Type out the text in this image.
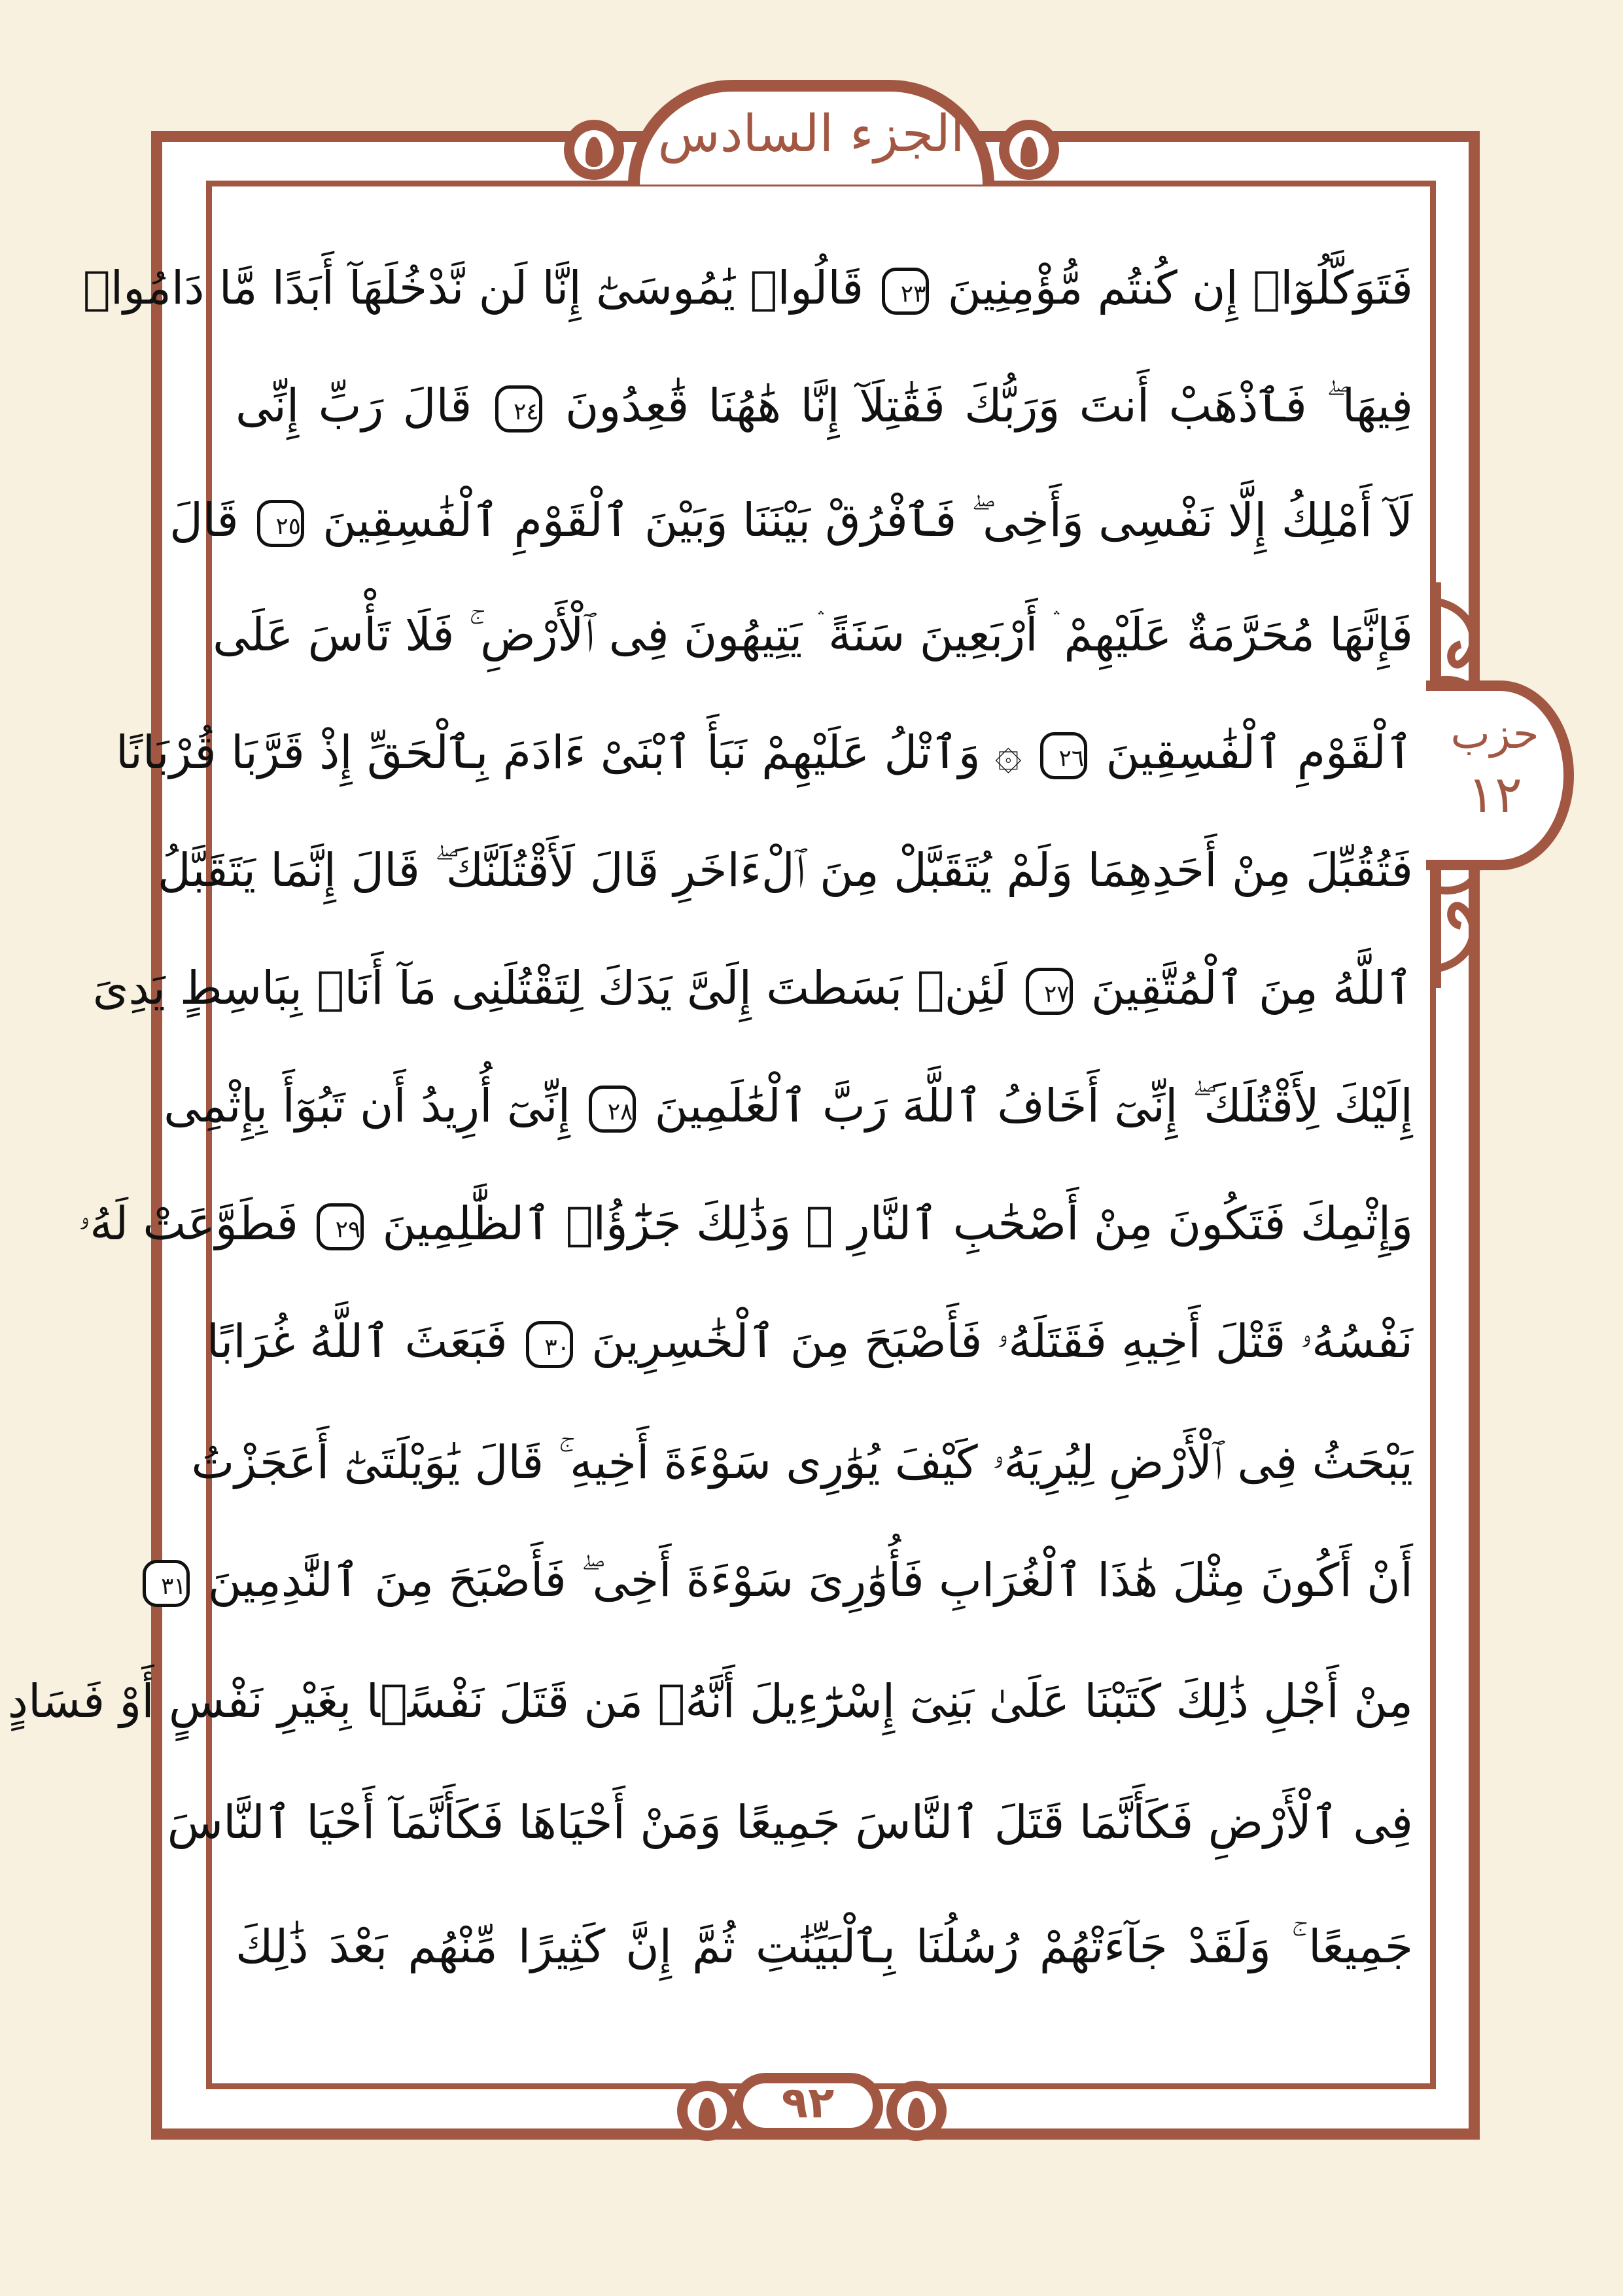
الجزء السادس
حزب
١٢
٩٢
فَتَوَكَّلُوٓا۟ إِن كُنتُم مُّؤْمِنِينَ ٢٣ قَالُوا۟ يَٰمُوسَىٰٓ إِنَّا لَن نَّدْخُلَهَآ أَبَدًا مَّا دَامُوا۟
فِيهَا ۖ فَٱذْهَبْ أَنتَ وَرَبُّكَ فَقَٰتِلَآ إِنَّا هَٰهُنَا قَٰعِدُونَ ٢٤ قَالَ رَبِّ إِنِّى
لَآ أَمْلِكُ إِلَّا نَفْسِى وَأَخِى ۖ فَٱفْرُقْ بَيْنَنَا وَبَيْنَ ٱلْقَوْمِ ٱلْفَٰسِقِينَ ٢٥ قَالَ
فَإِنَّهَا مُحَرَّمَةٌ عَلَيْهِمْ ۛ أَرْبَعِينَ سَنَةً ۛ يَتِيهُونَ فِى ٱلْأَرْضِ ۚ فَلَا تَأْسَ عَلَى
ٱلْقَوْمِ ٱلْفَٰسِقِينَ ٢٦ ۞ وَٱتْلُ عَلَيْهِمْ نَبَأَ ٱبْنَىْ ءَادَمَ بِٱلْحَقِّ إِذْ قَرَّبَا قُرْبَانًا
فَتُقُبِّلَ مِنْ أَحَدِهِمَا وَلَمْ يُتَقَبَّلْ مِنَ ٱلْءَاخَرِ قَالَ لَأَقْتُلَنَّكَ ۖ قَالَ إِنَّمَا يَتَقَبَّلُ
ٱللَّهُ مِنَ ٱلْمُتَّقِينَ ٢٧ لَئِنۢ بَسَطتَ إِلَىَّ يَدَكَ لِتَقْتُلَنِى مَآ أَنَا۠ بِبَاسِطٍ يَدِىَ
إِلَيْكَ لِأَقْتُلَكَ ۖ إِنِّىٓ أَخَافُ ٱللَّهَ رَبَّ ٱلْعَٰلَمِينَ ٢٨ إِنِّىٓ أُرِيدُ أَن تَبُوٓأَ بِإِثْمِى
وَإِثْمِكَ فَتَكُونَ مِنْ أَصْحَٰبِ ٱلنَّارِ ۚ وَذَٰلِكَ جَزَٰٓؤُا۟ ٱلظَّٰلِمِينَ ٢٩ فَطَوَّعَتْ لَهُۥ
نَفْسُهُۥ قَتْلَ أَخِيهِ فَقَتَلَهُۥ فَأَصْبَحَ مِنَ ٱلْخَٰسِرِينَ ٣٠ فَبَعَثَ ٱللَّهُ غُرَابًا
يَبْحَثُ فِى ٱلْأَرْضِ لِيُرِيَهُۥ كَيْفَ يُوَٰرِى سَوْءَةَ أَخِيهِ ۚ قَالَ يَٰوَيْلَتَىٰٓ أَعَجَزْتُ
أَنْ أَكُونَ مِثْلَ هَٰذَا ٱلْغُرَابِ فَأُوَٰرِىَ سَوْءَةَ أَخِى ۖ فَأَصْبَحَ مِنَ ٱلنَّٰدِمِينَ ٣١
مِنْ أَجْلِ ذَٰلِكَ كَتَبْنَا عَلَىٰ بَنِىٓ إِسْرَٰٓءِيلَ أَنَّهُۥ مَن قَتَلَ نَفْسًۢا بِغَيْرِ نَفْسٍ أَوْ فَسَادٍ
فِى ٱلْأَرْضِ فَكَأَنَّمَا قَتَلَ ٱلنَّاسَ جَمِيعًا وَمَنْ أَحْيَاهَا فَكَأَنَّمَآ أَحْيَا ٱلنَّاسَ
جَمِيعًا ۚ وَلَقَدْ جَآءَتْهُمْ رُسُلُنَا بِٱلْبَيِّنَٰتِ ثُمَّ إِنَّ كَثِيرًا مِّنْهُم بَعْدَ ذَٰلِكَ
